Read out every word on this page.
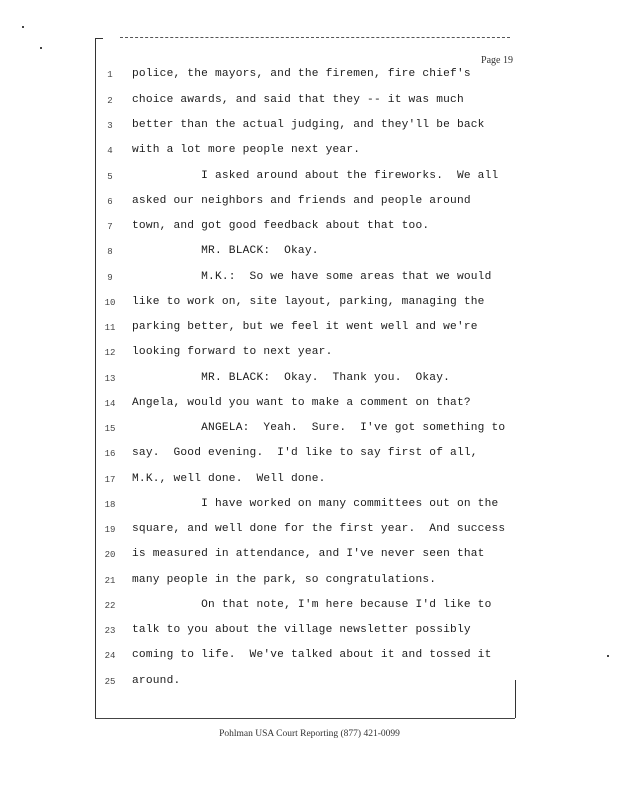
Page 19
1	police, the mayors, and the firemen, fire chief's
2	choice awards, and said that they -- it was much
3	better than the actual judging, and they'll be back
4	with a lot more people next year.
5	I asked around about the fireworks.  We all
6	asked our neighbors and friends and people around
7	town, and got good feedback about that too.
8	MR. BLACK:  Okay.
9	M.K.:  So we have some areas that we would
10	like to work on, site layout, parking, managing the
11	parking better, but we feel it went well and we're
12	looking forward to next year.
13	MR. BLACK:  Okay.  Thank you.  Okay.
14	Angela, would you want to make a comment on that?
15	ANGELA:  Yeah.  Sure.  I've got something to
16	say.  Good evening.  I'd like to say first of all,
17	M.K., well done.  Well done.
18	I have worked on many committees out on the
19	square, and well done for the first year.  And success
20	is measured in attendance, and I've never seen that
21	many people in the park, so congratulations.
22	On that note, I'm here because I'd like to
23	talk to you about the village newsletter possibly
24	coming to life.  We've talked about it and tossed it
25	around.
Pohlman USA Court Reporting (877) 421-0099
